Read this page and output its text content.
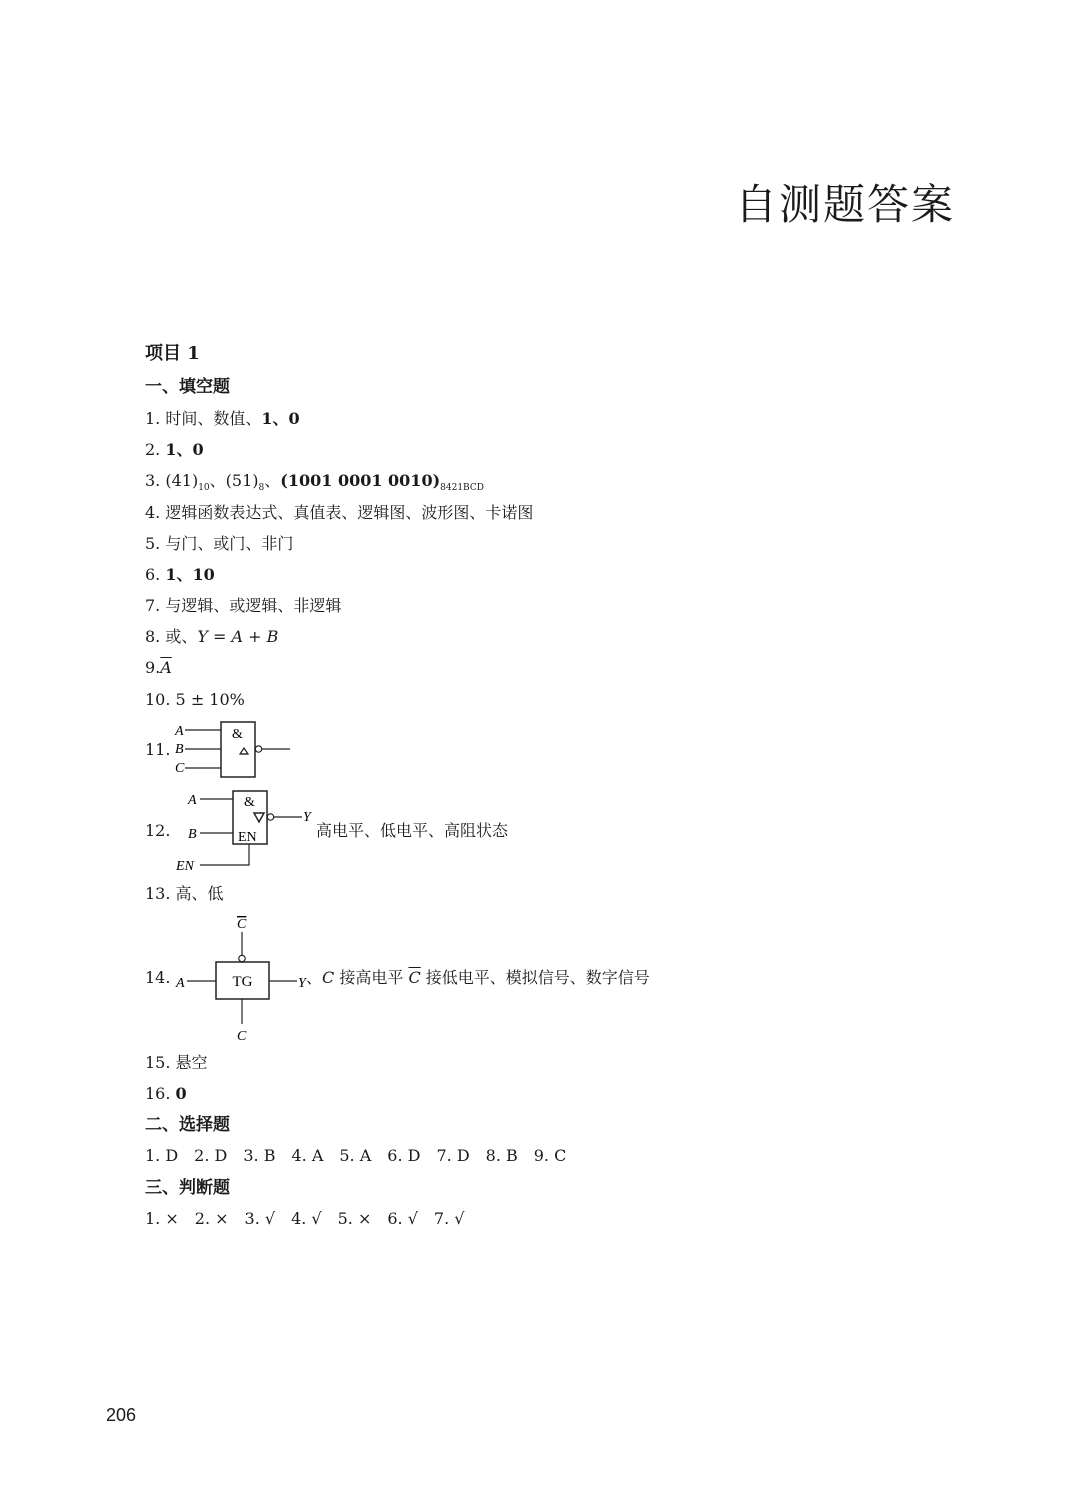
自测题答案
项目 1
一、填空题
1. 时间、数值、1、0
2. 1、0
3. $(41)_{10}$、$(51)_8$、(1001 0001 $0010)_{8421BCD}$
4. 逻辑函数表达式、真值表、逻辑图、波形图、卡诺图
5. 与门、或门、非门
6. 1、10
7. 与逻辑、或逻辑、非逻辑
8. 或、Y = A + B
$9.\overline{A}$
10. 5 ± 10%
11.
A
B
C
&
12.
A
B
EN
&
EN
Y
高电平、低电平、高阻状态
13. 高、低
14.
C
A	TG	Y
C
、C 接高电平 $\overline{C}$ 接低电平、模拟信号、数字信号
15. 悬空
16. 0
二、选择题
1. D　2. D　3. B　4. A　5. A　6. D　7. D　8. B　9. C
三、判断题
1. ×　2. ×　3. √　4. √　5. ×　6. √　7. √
206
